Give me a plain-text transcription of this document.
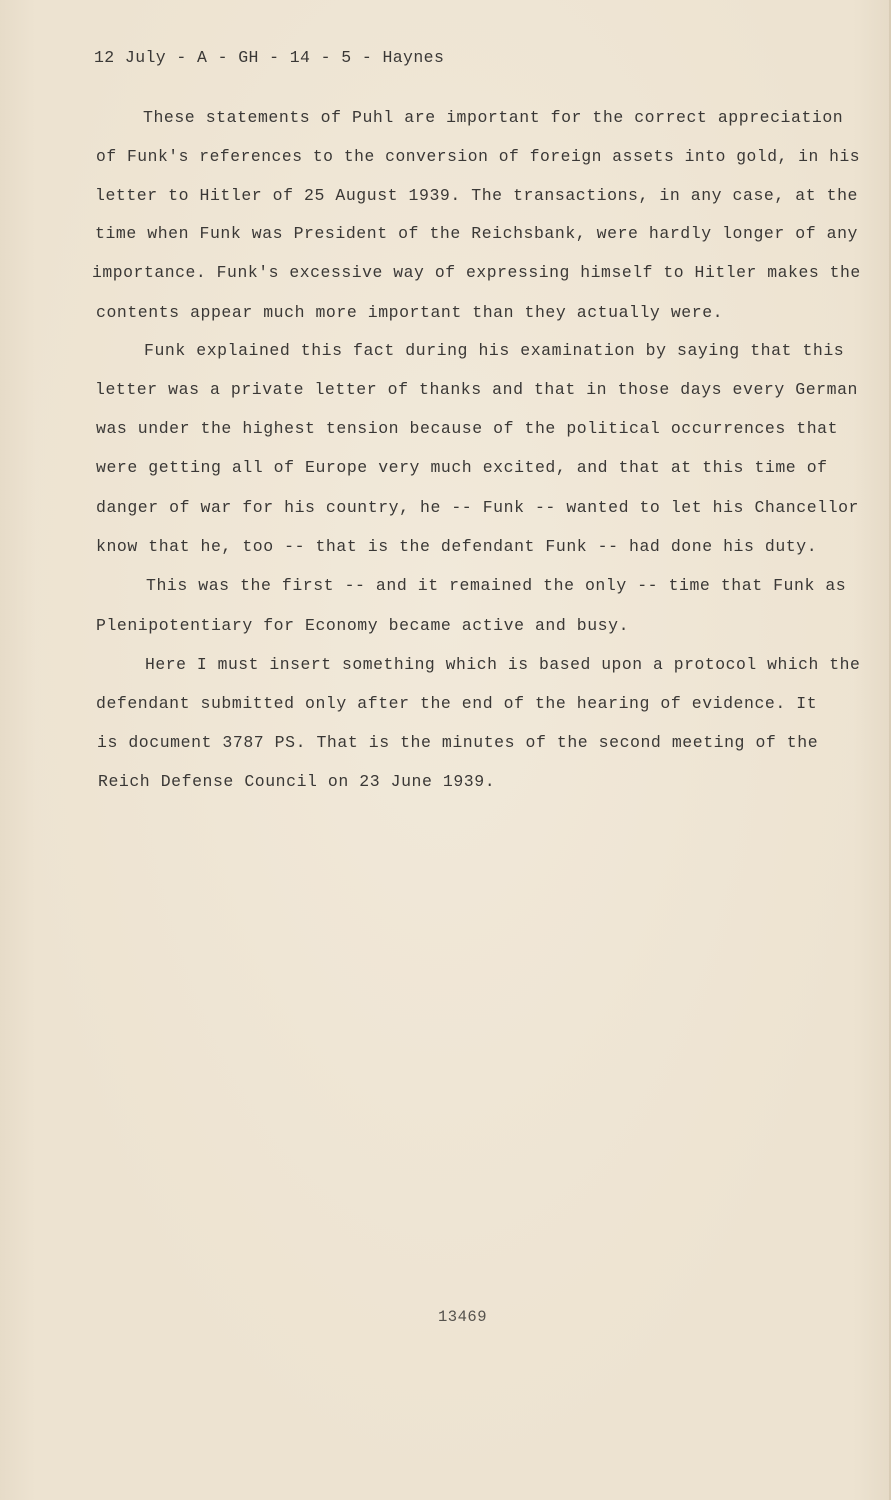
12 July - A - GH - 14 - 5 - Haynes
These statements of Puhl are important for the correct appreciation
of Funk's references to the conversion of foreign assets into gold, in his
letter to Hitler of 25 August 1939. The transactions, in any case, at the
time when Funk was President of the Reichsbank, were hardly longer of any
importance. Funk's excessive way of expressing himself to Hitler makes the
contents appear much more important than they actually were.
Funk explained this fact during his examination by saying that this
letter was a private letter of thanks and that in those days every German
was under the highest tension because of the political occurrences that
were getting all of Europe very much excited, and that at this time of
danger of war for his country, he -- Funk -- wanted to let his Chancellor
know that he, too -- that is the defendant Funk -- had done his duty.
This was the first -- and it remained the only -- time that Funk as
Plenipotentiary for Economy became active and busy.
Here I must insert something which is based upon a protocol which the
defendant submitted only after the end of the hearing of evidence. It
is document 3787 PS. That is the minutes of the second meeting of the
Reich Defense Council on 23 June 1939.
13469
